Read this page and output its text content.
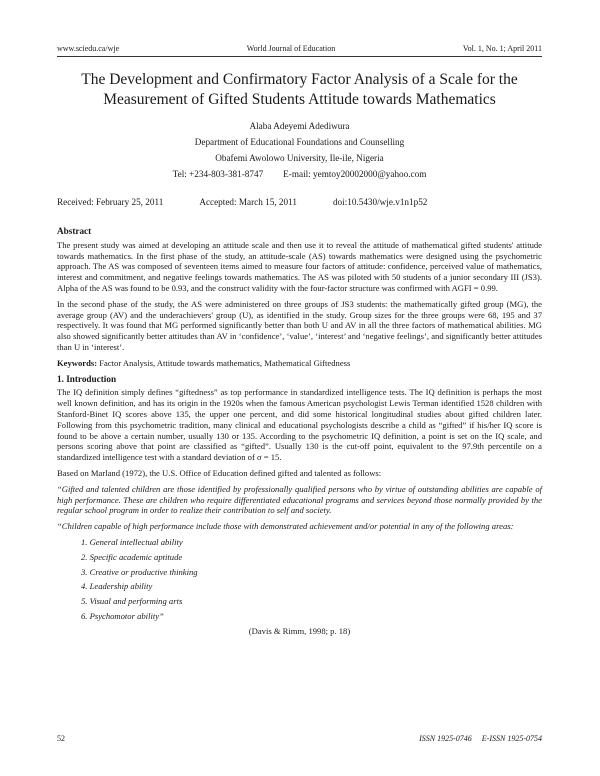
www.sciedu.ca/wje	World Journal of Education	Vol. 1, No. 1; April 2011
The Development and Confirmatory Factor Analysis of a Scale for the
Measurement of Gifted Students Attitude towards Mathematics
Alaba Adeyemi Adediwura
Department of Educational Foundations and Counselling
Obafemi Awolowo University, Ile-ile, Nigeria
Tel: +234-803-381-8747 E-mail: yemtoy20002000@yahoo.com
Received: February 25, 2011	Accepted: March 15, 2011	doi:10.5430/wje.v1n1p52
Abstract

The present study was aimed at developing an attitude scale and then use it to reveal the attitude of mathematical gifted students' attitude towards mathematics. In the first phase of the study, an attitude-scale (AS) towards mathematics were designed using the psychometric approach. The AS was composed of seventeen items aimed to measure four factors of attitude: confidence, perceived value of mathematics, interest and commitment, and negative feelings towards mathematics. The AS was piloted with 50 students of a junior secondary III (JS3). Alpha of the AS was found to be 0.93, and the construct validity with the four-factor structure was confirmed with AGFI = 0.99.

In the second phase of the study, the AS were administered on three groups of JS3 students: the mathematically gifted group (MG), the average group (AV) and the underachievers' group (U), as identified in the study. Group sizes for the three groups were 68, 195 and 37 respectively. It was found that MG performed significantly better than both U and AV in all the three factors of mathematical abilities. MG also showed significantly better attitudes than AV in ‘confidence’, ‘value’, ‘interest’ and ‘negative feelings’, and significantly better attitudes than U in ‘interest’.

Keywords: Factor Analysis, Attitude towards mathematics, Mathematical Giftedness

1. Introduction

The IQ definition simply defines “giftedness” as top performance in standardized intelligence tests. The IQ definition is perhaps the most well known definition, and has its origin in the 1920s when the famous American psychologist Lewis Terman identified 1528 children with Stanford-Binet IQ scores above 135, the upper one percent, and did some historical longitudinal studies about gifted children later. Following from this psychometric tradition, many clinical and educational psychologists describe a child as “gifted” if his/her IQ score is found to be above a certain number, usually 130 or 135. According to the psychometric IQ definition, a point is set on the IQ scale, and persons scoring above that point are classified as “gifted”. Usually 130 is the cut-off point, equivalent to the 97.9th percentile on a standardized intelligence test with a standard deviation of σ = 15.

Based on Marland (1972), the U.S. Office of Education defined gifted and talented as follows:

“Gifted and talented children are those identified by professionally qualified persons who by virtue of outstanding abilities are capable of high performance. These are children who require differentiated educational programs and services beyond those normally provided by the regular school program in order to realize their contribution to self and society.

“Children capable of high performance include those with demonstrated achievement and/or potential in any of the following areas:

1. General intellectual ability
2. Specific academic aptitude
3. Creative or productive thinking
4. Leadership ability
5. Visual and performing arts
6. Psychomotor ability”

(Davis & Rimm, 1998; p. 18)

52	ISSN 1925-0746 E-ISSN 1925-0754
